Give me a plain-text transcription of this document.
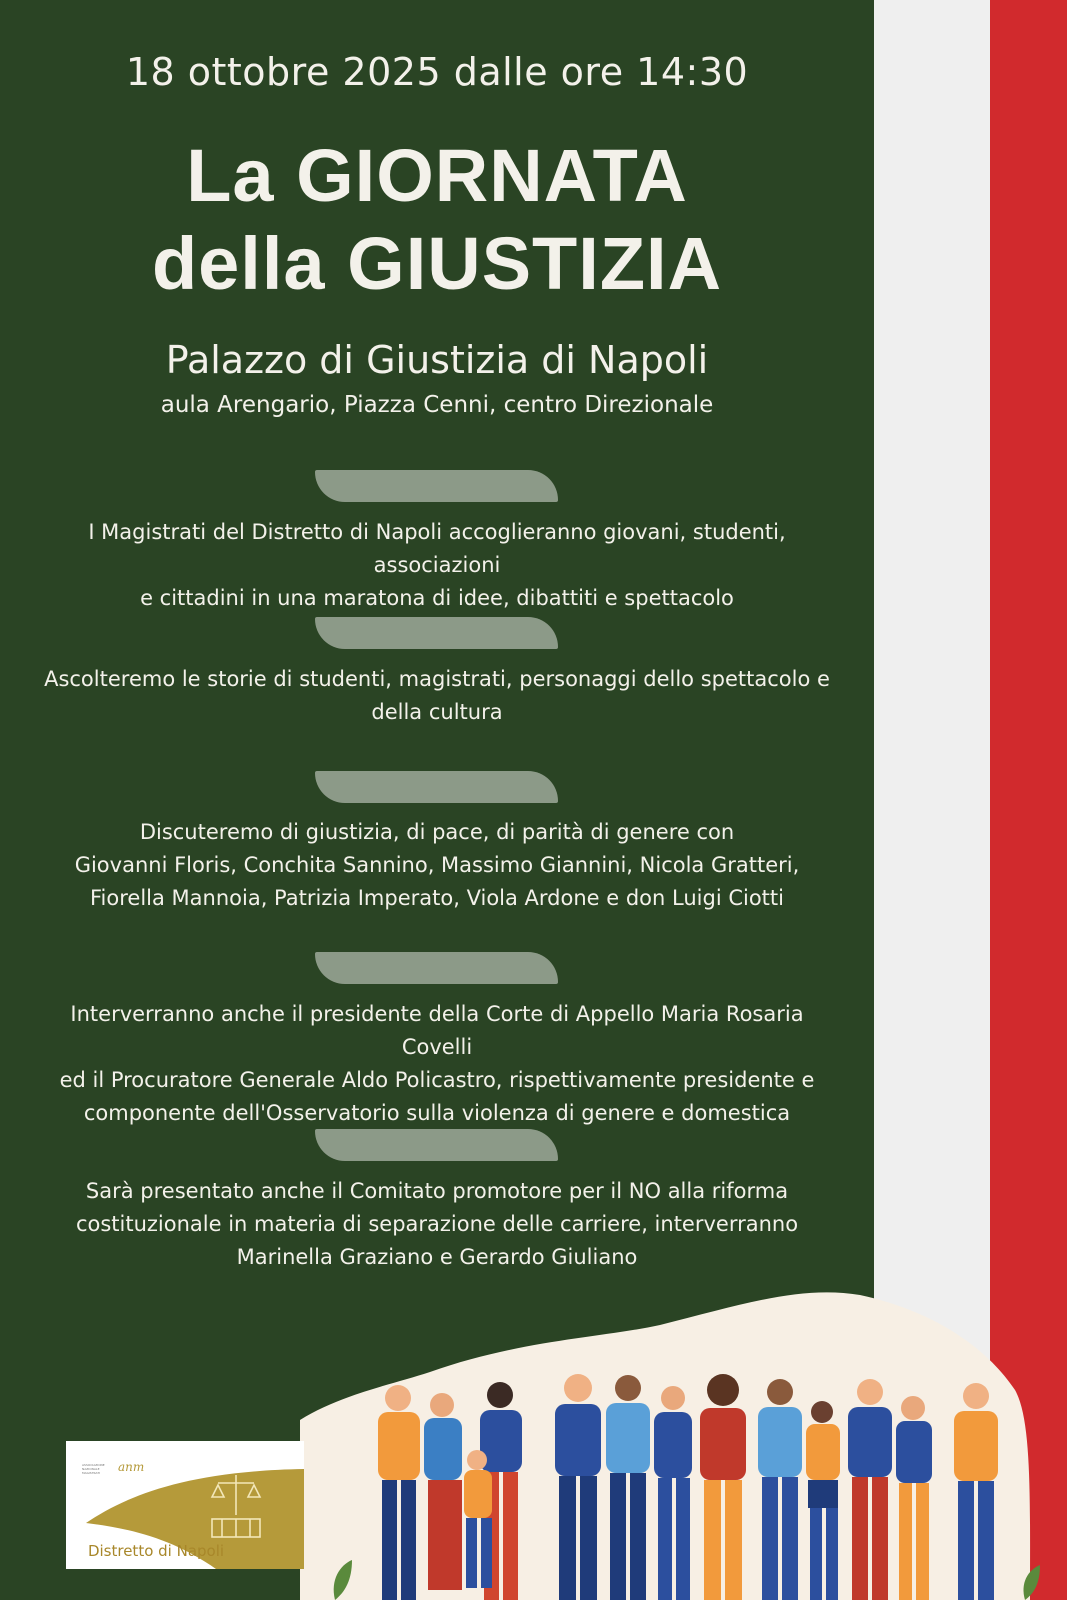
18 ottobre 2025 dalle ore 14:30
La GIORNATA
della GIUSTIZIA
Palazzo di Giustizia di Napoli
aula Arengario, Piazza Cenni, centro Direzionale
I Magistrati del Distretto di Napoli accoglieranno giovani, studenti, associazioni
e cittadini in una maratona di idee, dibattiti e spettacolo
Ascolteremo le storie di studenti, magistrati, personaggi dello spettacolo e
della cultura
Discuteremo di giustizia, di pace, di parità di genere con
Giovanni Floris, Conchita Sannino, Massimo Giannini, Nicola Gratteri,
Fiorella Mannoia, Patrizia Imperato, Viola Ardone e don Luigi Ciotti
Interverranno anche il presidente della Corte di Appello Maria Rosaria Covelli
ed il Procuratore Generale Aldo Policastro, rispettivamente presidente e
componente dell'Osservatorio sulla violenza di genere e domestica
Sarà presentato anche il Comitato promotore per il NO alla riforma
costituzionale in materia di separazione delle carriere, interverranno
Marinella Graziano e Gerardo Giuliano
ASSOCIAZIONE NAZIONALE MAGISTRATI	anm
Distretto di Napoli
